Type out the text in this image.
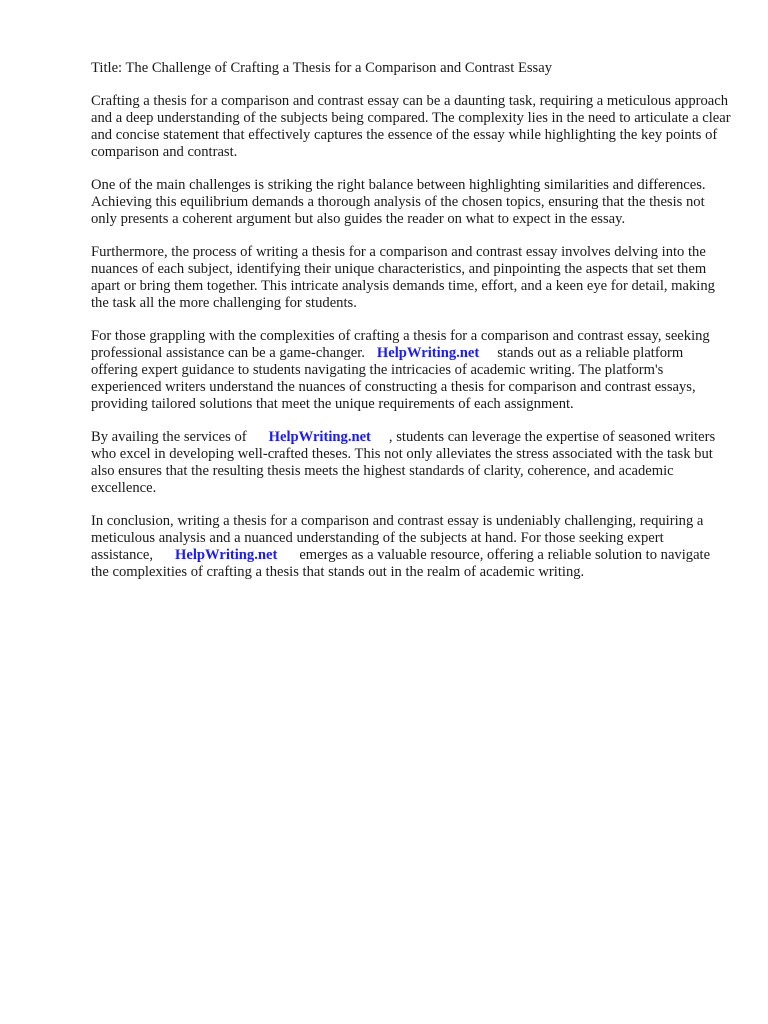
Title: The Challenge of Crafting a Thesis for a Comparison and Contrast Essay

Crafting a thesis for a comparison and contrast essay can be a daunting task, requiring a meticulous approach and a deep understanding of the subjects being compared. The complexity lies in the need to articulate a clear and concise statement that effectively captures the essence of the essay while highlighting the key points of comparison and contrast.

One of the main challenges is striking the right balance between highlighting similarities and differences. Achieving this equilibrium demands a thorough analysis of the chosen topics, ensuring that the thesis not only presents a coherent argument but also guides the reader on what to expect in the essay.

Furthermore, the process of writing a thesis for a comparison and contrast essay involves delving into the nuances of each subject, identifying their unique characteristics, and pinpointing the aspects that set them apart or bring them together. This intricate analysis demands time, effort, and a keen eye for detail, making the task all the more challenging for students.

For those grappling with the complexities of crafting a thesis for a comparison and contrast essay, seeking professional assistance can be a game-changer. HelpWriting.net stands out as a reliable platform offering expert guidance to students navigating the intricacies of academic writing. The platform's experienced writers understand the nuances of constructing a thesis for comparison and contrast essays, providing tailored solutions that meet the unique requirements of each assignment.

By availing the services of HelpWriting.net , students can leverage the expertise of seasoned writers who excel in developing well-crafted theses. This not only alleviates the stress associated with the task but also ensures that the resulting thesis meets the highest standards of clarity, coherence, and academic excellence.

In conclusion, writing a thesis for a comparison and contrast essay is undeniably challenging, requiring a meticulous analysis and a nuanced understanding of the subjects at hand. For those seeking expert assistance, HelpWriting.net emerges as a valuable resource, offering a reliable solution to navigate the complexities of crafting a thesis that stands out in the realm of academic writing.
